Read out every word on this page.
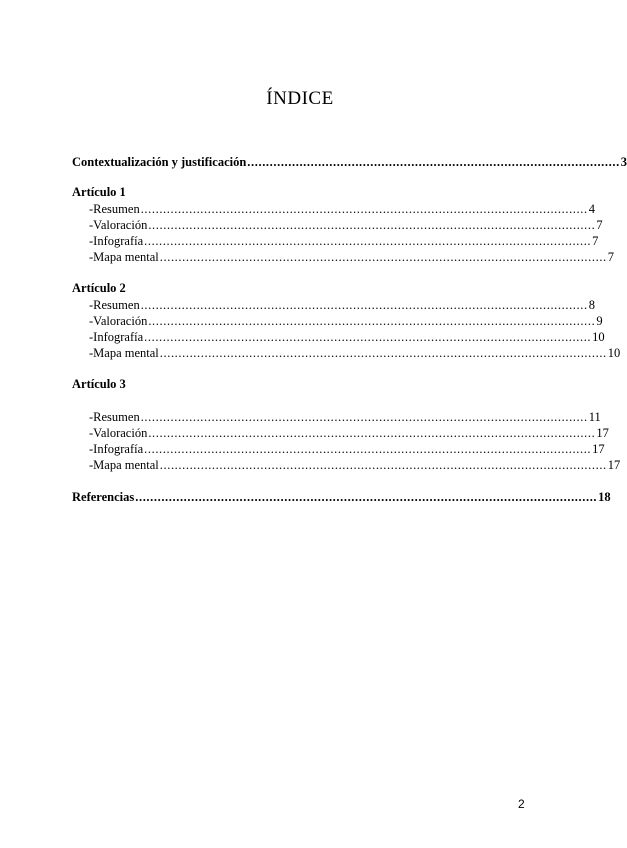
ÍNDICE
Contextualización y justificación .................................................................................................... 3
Artículo 1
- Resumen ........................................................................................................................ 4
- Valoración ........................................................................................................................ 7
- Infografía ........................................................................................................................ 7
- Mapa mental ........................................................................................................................ 7
Artículo 2
- Resumen ........................................................................................................................ 8
- Valoración ........................................................................................................................ 9
- Infografía ........................................................................................................................ 10
- Mapa mental ........................................................................................................................ 10
Artículo 3
- Resumen ........................................................................................................................ 11
- Valoración ........................................................................................................................ 17
- Infografía ........................................................................................................................ 17
- Mapa mental ........................................................................................................................ 17
Referencias ............................................................................................................................ 18
2
